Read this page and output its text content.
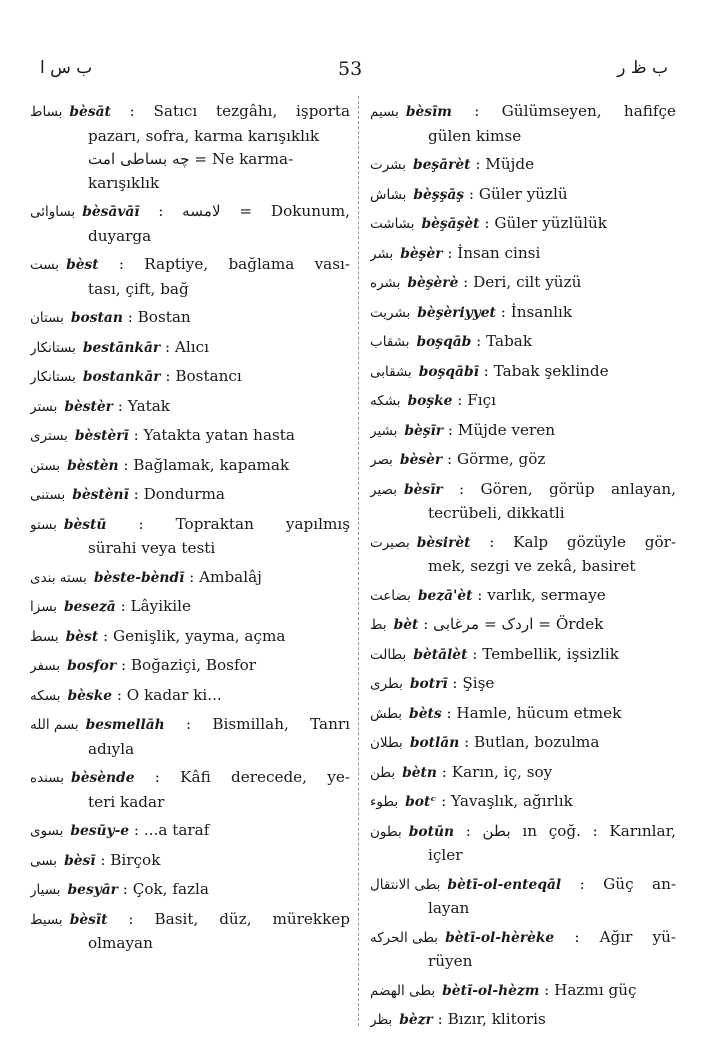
ب س ا	53	ب ظ ر
بساط bèsāt : Satıcı tezgâhı, işporta
pazarı, sofra, karma karışıklık
چه بساطی امت = Ne karma-
karışıklık
بساوائی bèsāvāī : لامسه = Dokunum,
duyarga
بست bèst : Raptiye, bağlama vası-
tası, çift, bağ
بستان bostan : Bostan
بستانکار bestānkār : Alıcı
بستانکار bostankār : Bostancı
بستر bèstèr : Yatak
بستری bèstèrī : Yatakta yatan hasta
بستن bèstèn : Bağlamak, kapamak
بستنی bèstènī : Dondurma
بستو bèstū : Topraktan yapılmış
sürahi veya testi
بسته بندی bèste-bèndī : Ambalâj
بسزا besezā : Lâyikile
بسط bèst : Genişlik, yayma, açma
بسفر bosfor : Boğaziçi, Bosfor
بسکه bèske : O kadar ki...
بسم الله besmellāh : Bismillah, Tanrı
adıyla
بسنده bèsènde : Kâfi derecede, ye-
teri kadar
بسوی besūy-e : ...a taraf
بسی bèsī : Birçok
بسیار besyār : Çok, fazla
بسیط bèsīt : Basit, düz, mürekkep
olmayan
بسیم bèsīm : Gülümseyen, hafifçe
gülen kimse
بشرت beşārèt : Müjde
بشاش bèşşāş : Güler yüzlü
بشاشت bèşāşèt : Güler yüzlülük
بشر bèşèr : İnsan cinsi
بشره bèşèrè : Deri, cilt yüzü
بشریت bèşèriyyet : İnsanlık
بشقاب boşqāb : Tabak
بشقابی boşqābī : Tabak şeklinde
بشکه boşke : Fıçı
بشیر bèşīr : Müjde veren
بصر bèsèr : Görme, göz
بصیر bèsīr : Gören, görüp anlayan,
tecrübeli, dikkatli
بصیرت bèsirèt : Kalp gözüyle gör-
mek, sezgi ve zekâ, basiret
بضاعت bezā'èt : varlık, sermaye
بط bèt : اردک = مرغابی = Ördek
بطالت bètālèt : Tembellik, işsizlik
بطری botrī : Şişe
بطش bèts : Hamle, hücum etmek
بطلان botlān : Butlan, bozulma
بطن bètn : Karın, iç, soy
بطوء botᶜ : Yavaşlık, ağırlık
بطون botūn : بطن ın çoğ. : Karınlar,
içler
بطی الانتقال bètī-ol-enteqāl : Güç an-
layan
بطی الحرکه bètī-ol-hèrèke : Ağır yü-
rüyen
بطی الهضم bètī-ol-hèzm : Hazmı güç
بظر bèzr : Bızır, klitoris
